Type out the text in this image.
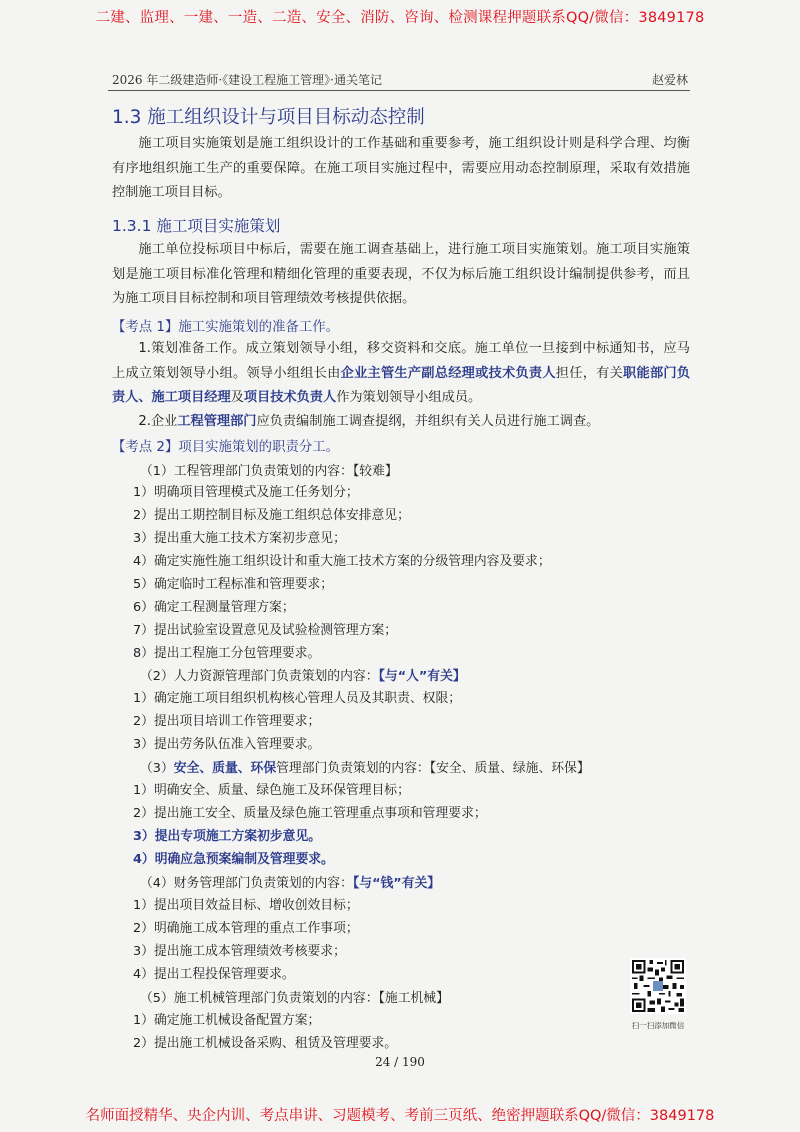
二建、监理、一建、一造、二造、安全、消防、咨询、检测课程押题联系QQ/微信：3849178
2026 年二级建造师·《建设工程施工管理》·通关笔记	赵爱林
1.3 施工组织设计与项目目标动态控制
施工项目实施策划是施工组织设计的工作基础和重要参考，施工组织设计则是科学合理、均衡有序地组织施工生产的重要保障。在施工项目实施过程中，需要应用动态控制原理，采取有效措施控制施工项目目标。
1.3.1 施工项目实施策划
施工单位投标项目中标后，需要在施工调查基础上，进行施工项目实施策划。施工项目实施策划是施工项目标准化管理和精细化管理的重要表现，不仅为标后施工组织设计编制提供参考，而且为施工项目目标控制和项目管理绩效考核提供依据。
【考点 1】施工实施策划的准备工作。
1.策划准备工作。成立策划领导小组，移交资料和交底。施工单位一旦接到中标通知书，应马上成立策划领导小组。领导小组组长由企业主管生产副总经理或技术负责人担任，有关职能部门负责人、施工项目经理及项目技术负责人作为策划领导小组成员。
2.企业工程管理部门应负责编制施工调查提纲，并组织有关人员进行施工调查。
【考点 2】项目实施策划的职责分工。
（1）工程管理部门负责策划的内容：【较难】
1）明确项目管理模式及施工任务划分；
2）提出工期控制目标及施工组织总体安排意见；
3）提出重大施工技术方案初步意见；
4）确定实施性施工组织设计和重大施工技术方案的分级管理内容及要求；
5）确定临时工程标准和管理要求；
6）确定工程测量管理方案；
7）提出试验室设置意见及试验检测管理方案；
8）提出工程施工分包管理要求。
（2）人力资源管理部门负责策划的内容：【与“人”有关】
1）确定施工项目组织机构核心管理人员及其职责、权限；
2）提出项目培训工作管理要求；
3）提出劳务队伍准入管理要求。
（3）安全、质量、环保管理部门负责策划的内容：【安全、质量、绿施、环保】
1）明确安全、质量、绿色施工及环保管理目标；
2）提出施工安全、质量及绿色施工管理重点事项和管理要求；
3）提出专项施工方案初步意见。
4）明确应急预案编制及管理要求。
（4）财务管理部门负责策划的内容：【与“钱”有关】
1）提出项目效益目标、增收创效目标；
2）明确施工成本管理的重点工作事项；
3）提出施工成本管理绩效考核要求；
4）提出工程投保管理要求。
（5）施工机械管理部门负责策划的内容：【施工机械】
1）确定施工机械设备配置方案；
2）提出施工机械设备采购、租赁及管理要求。
扫一扫添加微信
24 / 190
名师面授精华、央企内训、考点串讲、习题模考、考前三页纸、绝密押题联系QQ/微信：3849178
